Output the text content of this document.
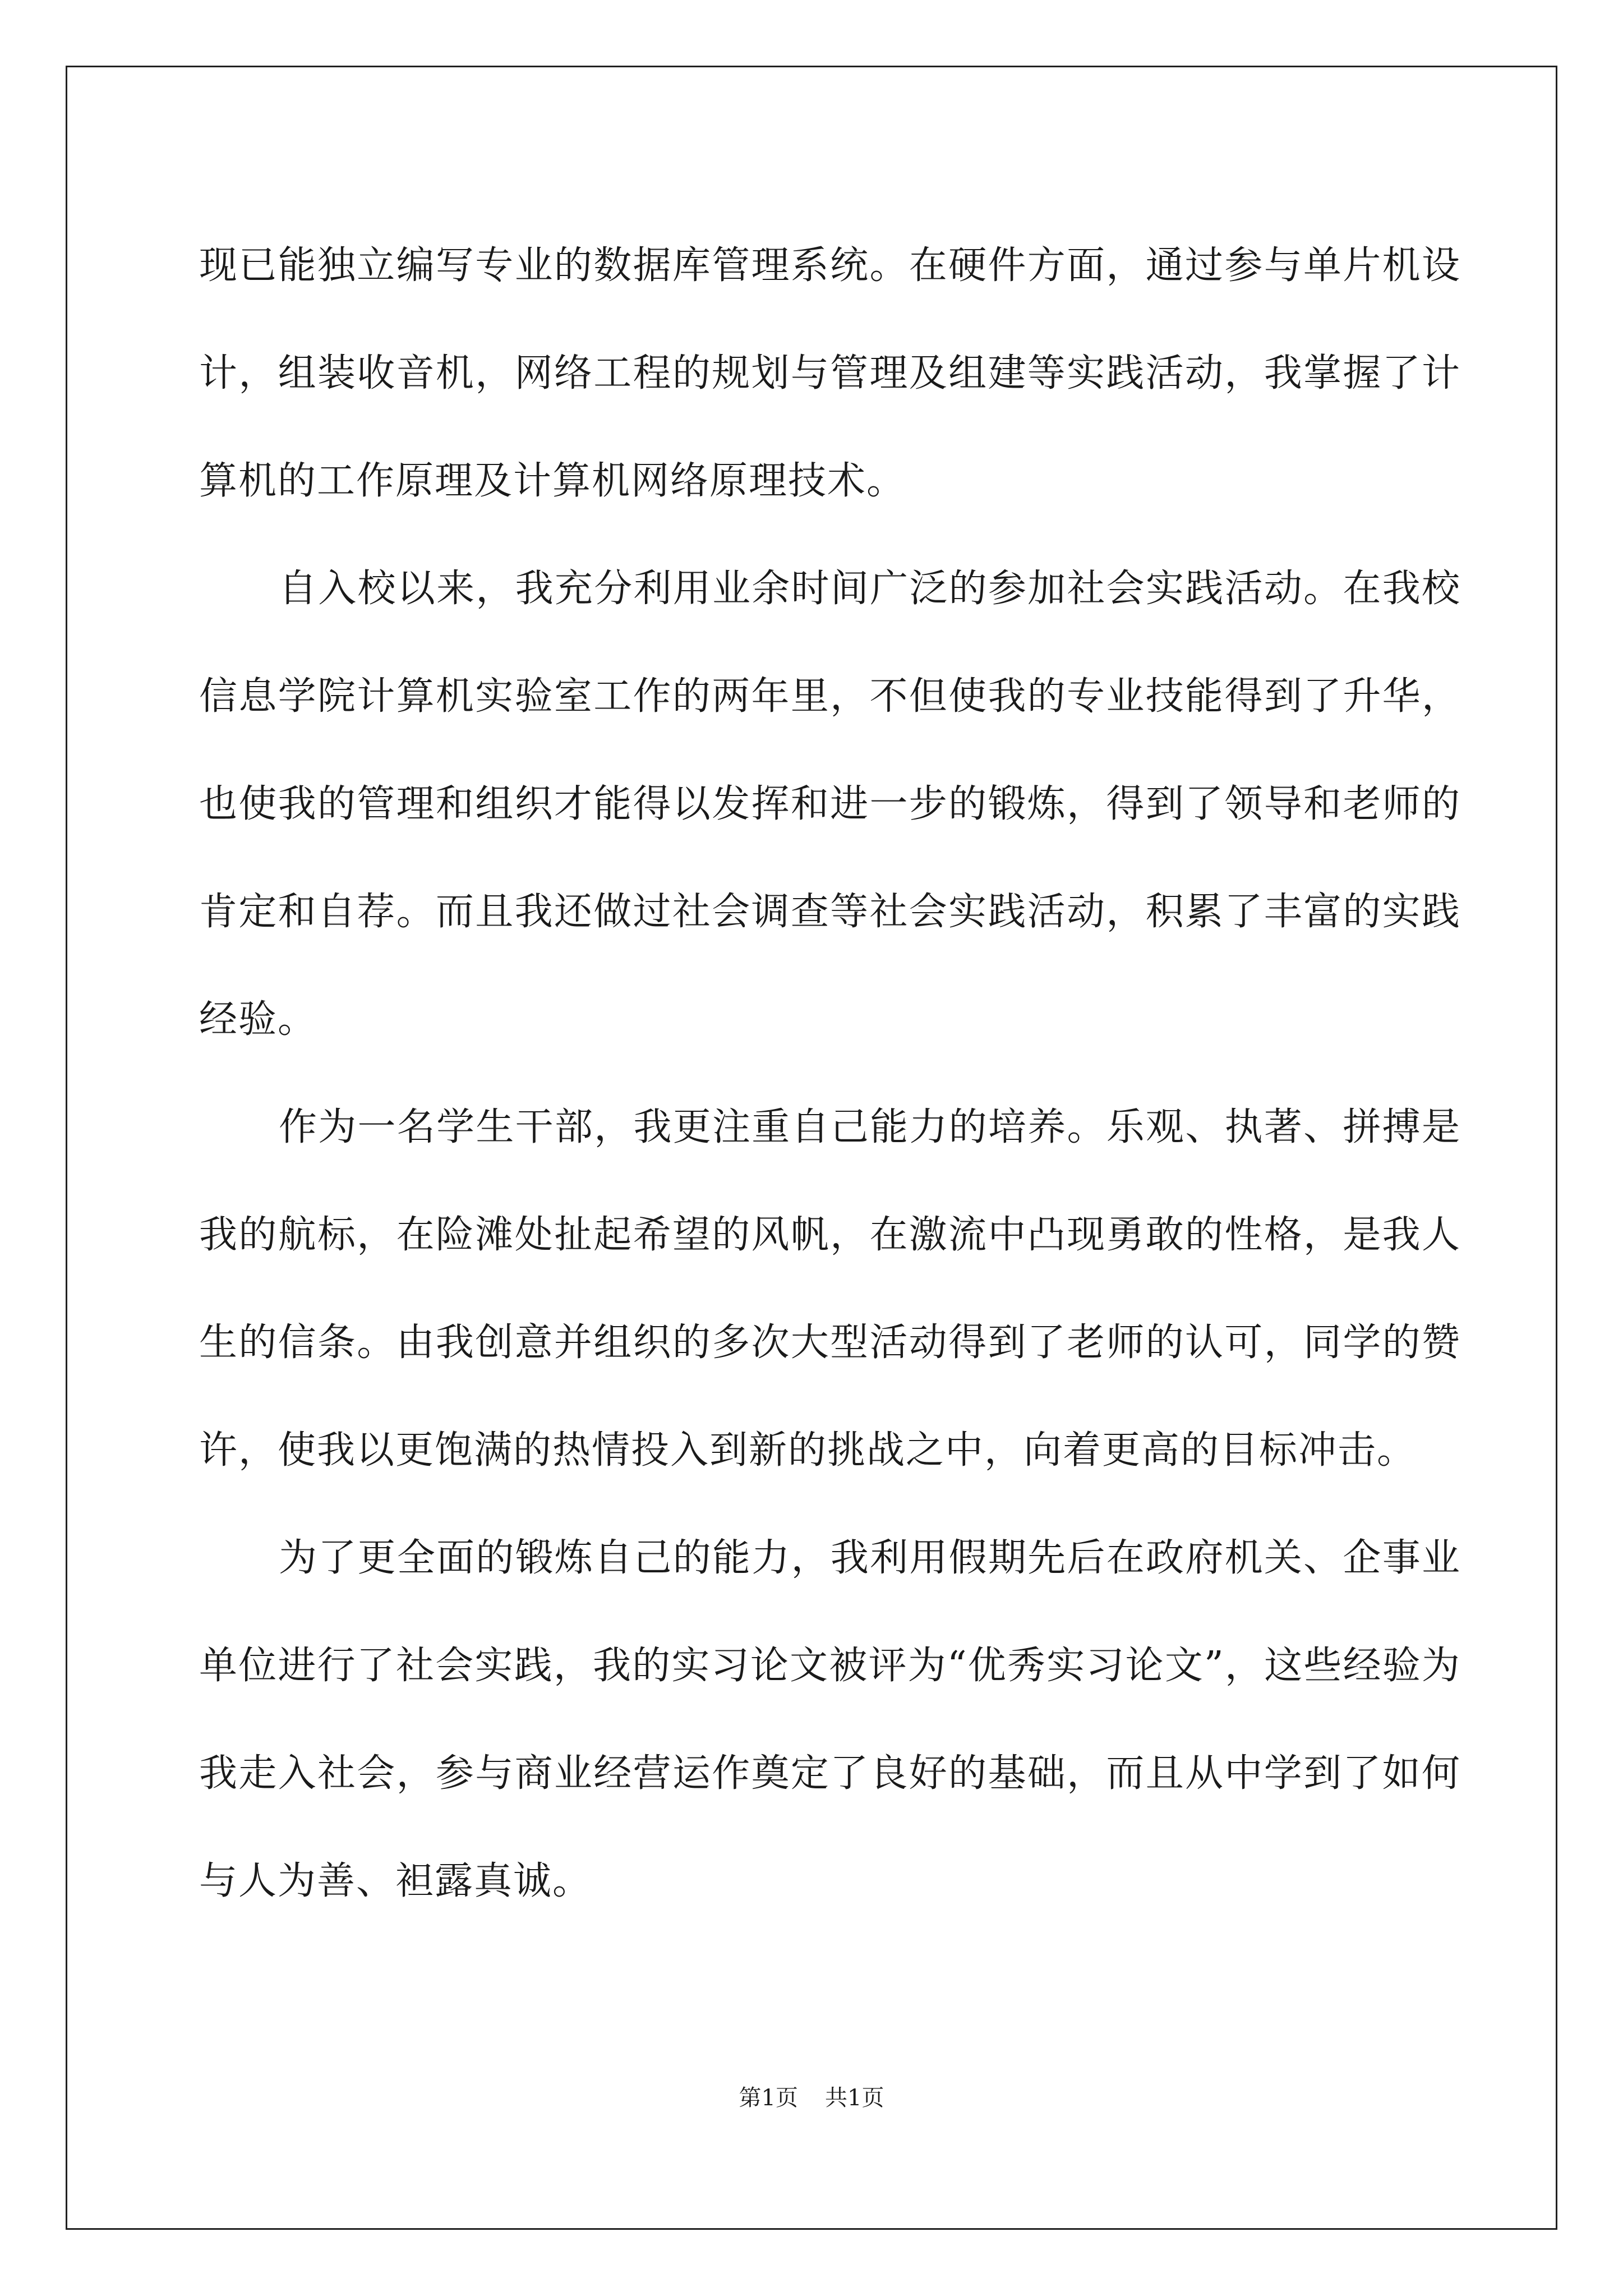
现已能独立编写专业的数据库管理系统。在硬件方面，通过参与单片机设计，组装收音机，网络工程的规划与管理及组建等实践活动，我掌握了计算机的工作原理及计算机网络原理技术。

自入校以来，我充分利用业余时间广泛的参加社会实践活动。在我校信息学院计算机实验室工作的两年里，不但使我的专业技能得到了升华，也使我的管理和组织才能得以发挥和进一步的锻炼，得到了领导和老师的肯定和自荐。而且我还做过社会调查等社会实践活动，积累了丰富的实践经验。

作为一名学生干部，我更注重自己能力的培养。乐观、执著、拼搏是我的航标，在险滩处扯起希望的风帆，在激流中凸现勇敢的性格，是我人生的信条。由我创意并组织的多次大型活动得到了老师的认可，同学的赞许，使我以更饱满的热情投入到新的挑战之中，向着更高的目标冲击。

为了更全面的锻炼自己的能力，我利用假期先后在政府机关、企事业单位进行了社会实践，我的实习论文被评为“优秀实习论文”，这些经验为我走入社会，参与商业经营运作奠定了良好的基础，而且从中学到了如何与人为善、袒露真诚。

第1页 共1页
